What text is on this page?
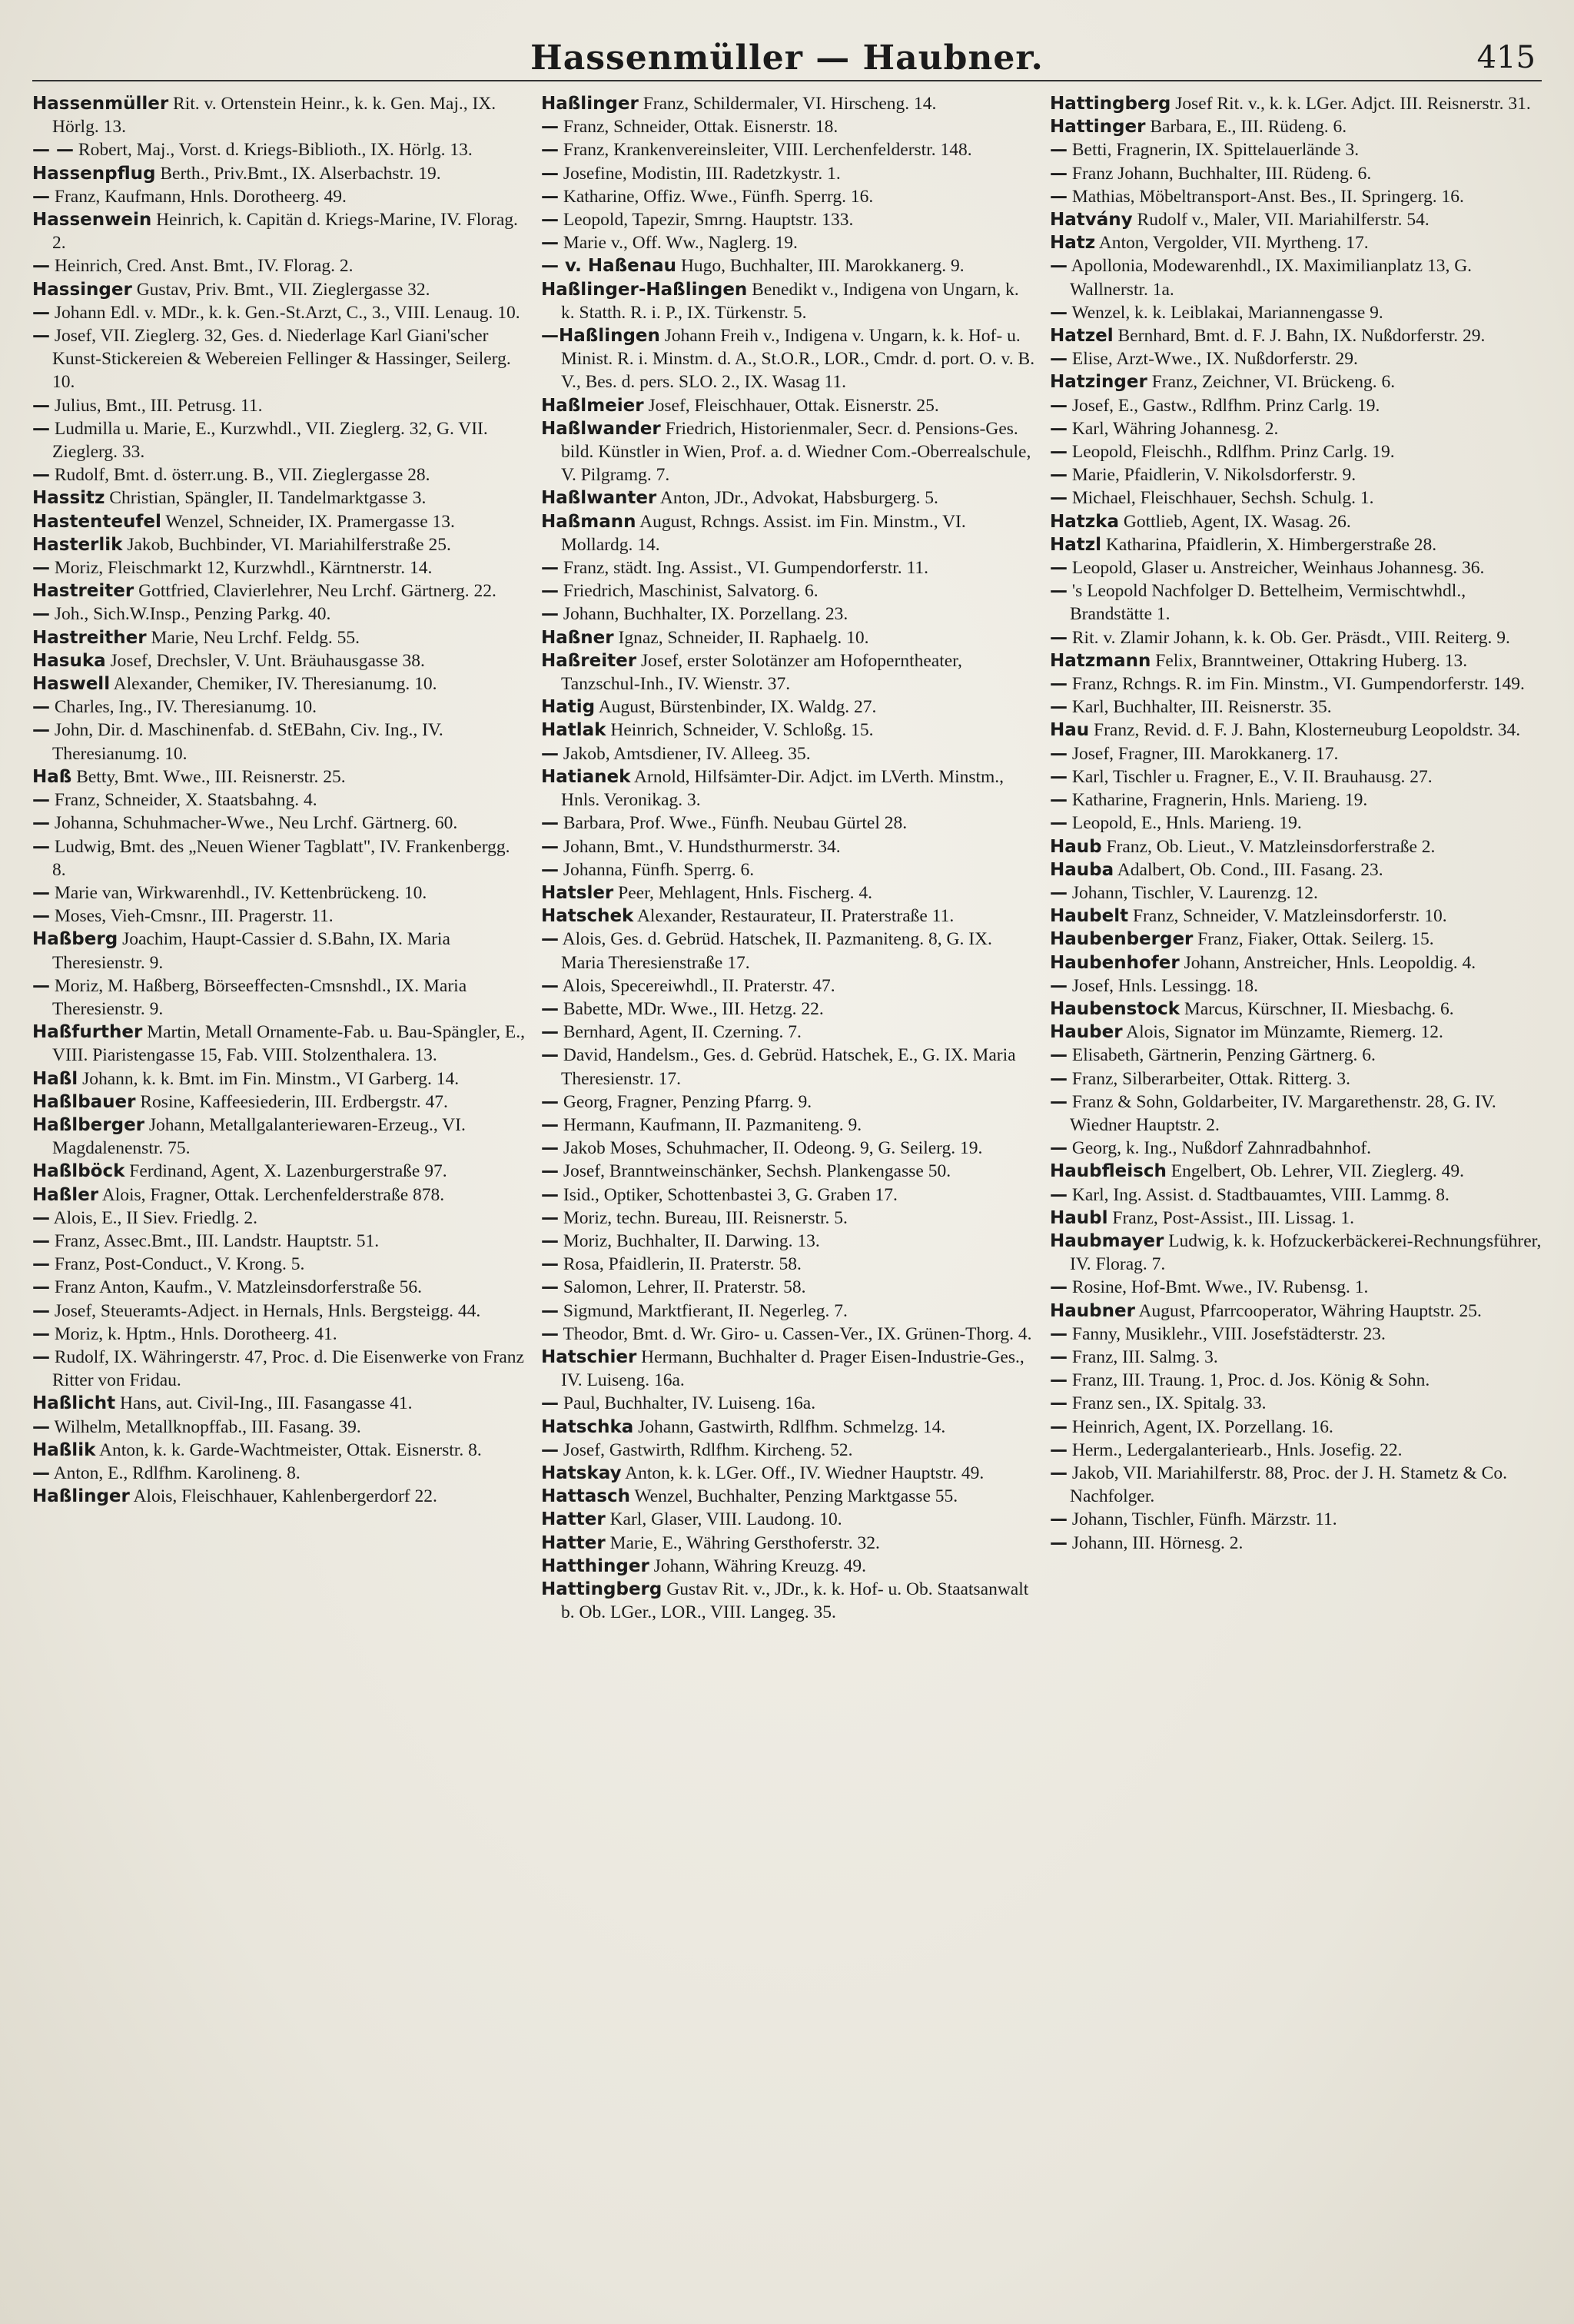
Hassenmüller — Haubner.	415

Hassenmüller Rit. v. Ortenstein Heinr., k. k. Gen. Maj., IX. Hörlg. 13.

— — Robert, Maj., Vorst. d. Kriegs-Biblioth., IX. Hörlg. 13.

Hassenpflug Berth., Priv.Bmt., IX. Alserbachstr. 19.

— Franz, Kaufmann, Hnls. Dorotheerg. 49.

Hassenwein Heinrich, k. Capitän d. Kriegs-Marine, IV. Florag. 2.

— Heinrich, Cred. Anst. Bmt., IV. Florag. 2.

Hassinger Gustav, Priv. Bmt., VII. Zieglergasse 32.

— Johann Edl. v. MDr., k. k. Gen.-St.Arzt, C., 3., VIII. Lenaug. 10.

— Josef, VII. Zieglerg. 32, Ges. d. Niederlage Karl Giani'scher Kunst-Stickereien & Webereien Fellinger & Hassinger, Seilerg. 10.

— Julius, Bmt., III. Petrusg. 11.

— Ludmilla u. Marie, E., Kurzwhdl., VII. Zieglerg. 32, G. VII. Zieglerg. 33.

— Rudolf, Bmt. d. österr.ung. B., VII. Zieglergasse 28.

Hassitz Christian, Spängler, II. Tandelmarktgasse 3.

Hastenteufel Wenzel, Schneider, IX. Pramergasse 13.

Hasterlik Jakob, Buchbinder, VI. Mariahilferstraße 25.

— Moriz, Fleischmarkt 12, Kurzwhdl., Kärntnerstr. 14.

Hastreiter Gottfried, Clavierlehrer, Neu Lrchf. Gärtnerg. 22.

— Joh., Sich.W.Insp., Penzing Parkg. 40.

Hastreither Marie, Neu Lrchf. Feldg. 55.

Hasuka Josef, Drechsler, V. Unt. Bräuhausgasse 38.

Haswell Alexander, Chemiker, IV. Theresianumg. 10.

— Charles, Ing., IV. Theresianumg. 10.

— John, Dir. d. Maschinenfab. d. StEBahn, Civ. Ing., IV. Theresianumg. 10.

Haß Betty, Bmt. Wwe., III. Reisnerstr. 25.

— Franz, Schneider, X. Staatsbahng. 4.

— Johanna, Schuhmacher-Wwe., Neu Lrchf. Gärtnerg. 60.

— Ludwig, Bmt. des „Neuen Wiener Tagblatt", IV. Frankenbergg. 8.

— Marie van, Wirkwarenhdl., IV. Kettenbrückeng. 10.

— Moses, Vieh-Cmsnr., III. Pragerstr. 11.

Haßberg Joachim, Haupt-Cassier d. S.Bahn, IX. Maria Theresienstr. 9.

— Moriz, M. Haßberg, Börseeffecten-Cmsnshdl., IX. Maria Theresienstr. 9.

Haßfurther Martin, Metall Ornamente-Fab. u. Bau-Spängler, E., VIII. Piaristengasse 15, Fab. VIII. Stolzenthalera. 13.

Haßl Johann, k. k. Bmt. im Fin. Minstm., VI Garberg. 14.

Haßlbauer Rosine, Kaffeesiederin, III. Erdbergstr. 47.

Haßlberger Johann, Metallgalanteriewaren-Erzeug., VI. Magdalenenstr. 75.

Haßlböck Ferdinand, Agent, X. Lazenburgerstraße 97.

Haßler Alois, Fragner, Ottak. Lerchenfelderstraße 878.

— Alois, E., II Siev. Friedlg. 2.

— Franz, Assec.Bmt., III. Landstr. Hauptstr. 51.

— Franz, Post-Conduct., V. Krong. 5.

— Franz Anton, Kaufm., V. Matzleinsdorferstraße 56.

— Josef, Steueramts-Adject. in Hernals, Hnls. Bergsteigg. 44.

— Moriz, k. Hptm., Hnls. Dorotheerg. 41.

— Rudolf, IX. Währingerstr. 47, Proc. d. Die Eisenwerke von Franz Ritter von Fridau.

Haßlicht Hans, aut. Civil-Ing., III. Fasangasse 41.

— Wilhelm, Metallknopffab., III. Fasang. 39.

Haßlik Anton, k. k. Garde-Wachtmeister, Ottak. Eisnerstr. 8.

— Anton, E., Rdlfhm. Karolineng. 8.

Haßlinger Alois, Fleischhauer, Kahlenbergerdorf 22.

Haßlinger Franz, Schildermaler, VI. Hirscheng. 14.

— Franz, Schneider, Ottak. Eisnerstr. 18.

— Franz, Krankenvereinsleiter, VIII. Lerchenfelderstr. 148.

— Josefine, Modistin, III. Radetzkystr. 1.

— Katharine, Offiz. Wwe., Fünfh. Sperrg. 16.

— Leopold, Tapezir, Smrng. Hauptstr. 133.

— Marie v., Off. Ww., Naglerg. 19.

— v. Haßenau Hugo, Buchhalter, III. Marokkanerg. 9.

Haßlinger-Haßlingen Benedikt v., Indigena von Ungarn, k. k. Statth. R. i. P., IX. Türkenstr. 5.

—Haßlingen Johann Freih v., Indigena v. Ungarn, k. k. Hof- u. Minist. R. i. Minstm. d. A., St.O.R., LOR., Cmdr. d. port. O. v. B. V., Bes. d. pers. SLO. 2., IX. Wasag 11.

Haßlmeier Josef, Fleischhauer, Ottak. Eisnerstr. 25.

Haßlwander Friedrich, Historienmaler, Secr. d. Pensions-Ges. bild. Künstler in Wien, Prof. a. d. Wiedner Com.-Oberrealschule, V. Pilgramg. 7.

Haßlwanter Anton, JDr., Advokat, Habsburgerg. 5.

Haßmann August, Rchngs. Assist. im Fin. Minstm., VI. Mollardg. 14.

— Franz, städt. Ing. Assist., VI. Gumpendorferstr. 11.

— Friedrich, Maschinist, Salvatorg. 6.

— Johann, Buchhalter, IX. Porzellang. 23.

Haßner Ignaz, Schneider, II. Raphaelg. 10.

Haßreiter Josef, erster Solotänzer am Hofoperntheater, Tanzschul-Inh., IV. Wienstr. 37.

Hatig August, Bürstenbinder, IX. Waldg. 27.

Hatlak Heinrich, Schneider, V. Schloßg. 15.

— Jakob, Amtsdiener, IV. Alleeg. 35.

Hatianek Arnold, Hilfsämter-Dir. Adjct. im LVerth. Minstm., Hnls. Veronikag. 3.

— Barbara, Prof. Wwe., Fünfh. Neubau Gürtel 28.

— Johann, Bmt., V. Hundsthurmerstr. 34.

— Johanna, Fünfh. Sperrg. 6.

Hatsler Peer, Mehlagent, Hnls. Fischerg. 4.

Hatschek Alexander, Restaurateur, II. Praterstraße 11.

— Alois, Ges. d. Gebrüd. Hatschek, II. Pazmaniteng. 8, G. IX. Maria Theresienstraße 17.

— Alois, Specereiwhdl., II. Praterstr. 47.

— Babette, MDr. Wwe., III. Hetzg. 22.

— Bernhard, Agent, II. Czerning. 7.

— David, Handelsm., Ges. d. Gebrüd. Hatschek, E., G. IX. Maria Theresienstr. 17.

— Georg, Fragner, Penzing Pfarrg. 9.

— Hermann, Kaufmann, II. Pazmaniteng. 9.

— Jakob Moses, Schuhmacher, II. Odeong. 9, G. Seilerg. 19.

— Josef, Branntweinschänker, Sechsh. Plankengasse 50.

— Isid., Optiker, Schottenbastei 3, G. Graben 17.

— Moriz, techn. Bureau, III. Reisnerstr. 5.

— Moriz, Buchhalter, II. Darwing. 13.

— Rosa, Pfaidlerin, II. Praterstr. 58.

— Salomon, Lehrer, II. Praterstr. 58.

— Sigmund, Marktfierant, II. Negerleg. 7.

— Theodor, Bmt. d. Wr. Giro- u. Cassen-Ver., IX. Grünen-Thorg. 4.

Hatschier Hermann, Buchhalter d. Prager Eisen-Industrie-Ges., IV. Luiseng. 16a.

— Paul, Buchhalter, IV. Luiseng. 16a.

Hatschka Johann, Gastwirth, Rdlfhm. Schmelzg. 14.

— Josef, Gastwirth, Rdlfhm. Kircheng. 52.

Hatskay Anton, k. k. LGer. Off., IV. Wiedner Hauptstr. 49.

Hattasch Wenzel, Buchhalter, Penzing Marktgasse 55.

Hatter Karl, Glaser, VIII. Laudong. 10.

Hatter Marie, E., Währing Gersthoferstr. 32.

Hatthinger Johann, Währing Kreuzg. 49.

Hattingberg Gustav Rit. v., JDr., k. k. Hof- u. Ob. Staatsanwalt b. Ob. LGer., LOR., VIII. Langeg. 35.

Hattingberg Josef Rit. v., k. k. LGer. Adjct. III. Reisnerstr. 31.

Hattinger Barbara, E., III. Rüdeng. 6.

— Betti, Fragnerin, IX. Spittelauerlände 3.

— Franz Johann, Buchhalter, III. Rüdeng. 6.

— Mathias, Möbeltransport-Anst. Bes., II. Springerg. 16.

Hatvány Rudolf v., Maler, VII. Mariahilferstr. 54.

Hatz Anton, Vergolder, VII. Myrtheng. 17.

— Apollonia, Modewarenhdl., IX. Maximilianplatz 13, G. Wallnerstr. 1a.

— Wenzel, k. k. Leiblakai, Mariannengasse 9.

Hatzel Bernhard, Bmt. d. F. J. Bahn, IX. Nußdorferstr. 29.

— Elise, Arzt-Wwe., IX. Nußdorferstr. 29.

Hatzinger Franz, Zeichner, VI. Brückeng. 6.

— Josef, E., Gastw., Rdlfhm. Prinz Carlg. 19.

— Karl, Währing Johannesg. 2.

— Leopold, Fleischh., Rdlfhm. Prinz Carlg. 19.

— Marie, Pfaidlerin, V. Nikolsdorferstr. 9.

— Michael, Fleischhauer, Sechsh. Schulg. 1.

Hatzka Gottlieb, Agent, IX. Wasag. 26.

Hatzl Katharina, Pfaidlerin, X. Himbergerstraße 28.

— Leopold, Glaser u. Anstreicher, Weinhaus Johannesg. 36.

— 's Leopold Nachfolger D. Bettelheim, Vermischtwhdl., Brandstätte 1.

— Rit. v. Zlamir Johann, k. k. Ob. Ger. Präsdt., VIII. Reiterg. 9.

Hatzmann Felix, Branntweiner, Ottakring Huberg. 13.

— Franz, Rchngs. R. im Fin. Minstm., VI. Gumpendorferstr. 149.

— Karl, Buchhalter, III. Reisnerstr. 35.

Hau Franz, Revid. d. F. J. Bahn, Klosterneuburg Leopoldstr. 34.

— Josef, Fragner, III. Marokkanerg. 17.

— Karl, Tischler u. Fragner, E., V. II. Brauhausg. 27.

— Katharine, Fragnerin, Hnls. Marieng. 19.

— Leopold, E., Hnls. Marieng. 19.

Haub Franz, Ob. Lieut., V. Matzleinsdorferstraße 2.

Hauba Adalbert, Ob. Cond., III. Fasang. 23.

— Johann, Tischler, V. Laurenzg. 12.

Haubelt Franz, Schneider, V. Matzleinsdorferstr. 10.

Haubenberger Franz, Fiaker, Ottak. Seilerg. 15.

Haubenhofer Johann, Anstreicher, Hnls. Leopoldig. 4.

— Josef, Hnls. Lessingg. 18.

Haubenstock Marcus, Kürschner, II. Miesbachg. 6.

Hauber Alois, Signator im Münzamte, Riemerg. 12.

— Elisabeth, Gärtnerin, Penzing Gärtnerg. 6.

— Franz, Silberarbeiter, Ottak. Ritterg. 3.

— Franz & Sohn, Goldarbeiter, IV. Margarethenstr. 28, G. IV. Wiedner Hauptstr. 2.

— Georg, k. Ing., Nußdorf Zahnradbahnhof.

Haubfleisch Engelbert, Ob. Lehrer, VII. Zieglerg. 49.

— Karl, Ing. Assist. d. Stadtbauamtes, VIII. Lammg. 8.

Haubl Franz, Post-Assist., III. Lissag. 1.

Haubmayer Ludwig, k. k. Hofzuckerbäckerei-Rechnungsführer, IV. Florag. 7.

— Rosine, Hof-Bmt. Wwe., IV. Rubensg. 1.

Haubner August, Pfarrcooperator, Währing Hauptstr. 25.

— Fanny, Musiklehr., VIII. Josefstädterstr. 23.

— Franz, III. Salmg. 3.

— Franz, III. Traung. 1, Proc. d. Jos. König & Sohn.

— Franz sen., IX. Spitalg. 33.

— Heinrich, Agent, IX. Porzellang. 16.

— Herm., Ledergalanteriearb., Hnls. Josefig. 22.

— Jakob, VII. Mariahilferstr. 88, Proc. der J. H. Stametz & Co. Nachfolger.

— Johann, Tischler, Fünfh. Märzstr. 11.

— Johann, III. Hörnesg. 2.
